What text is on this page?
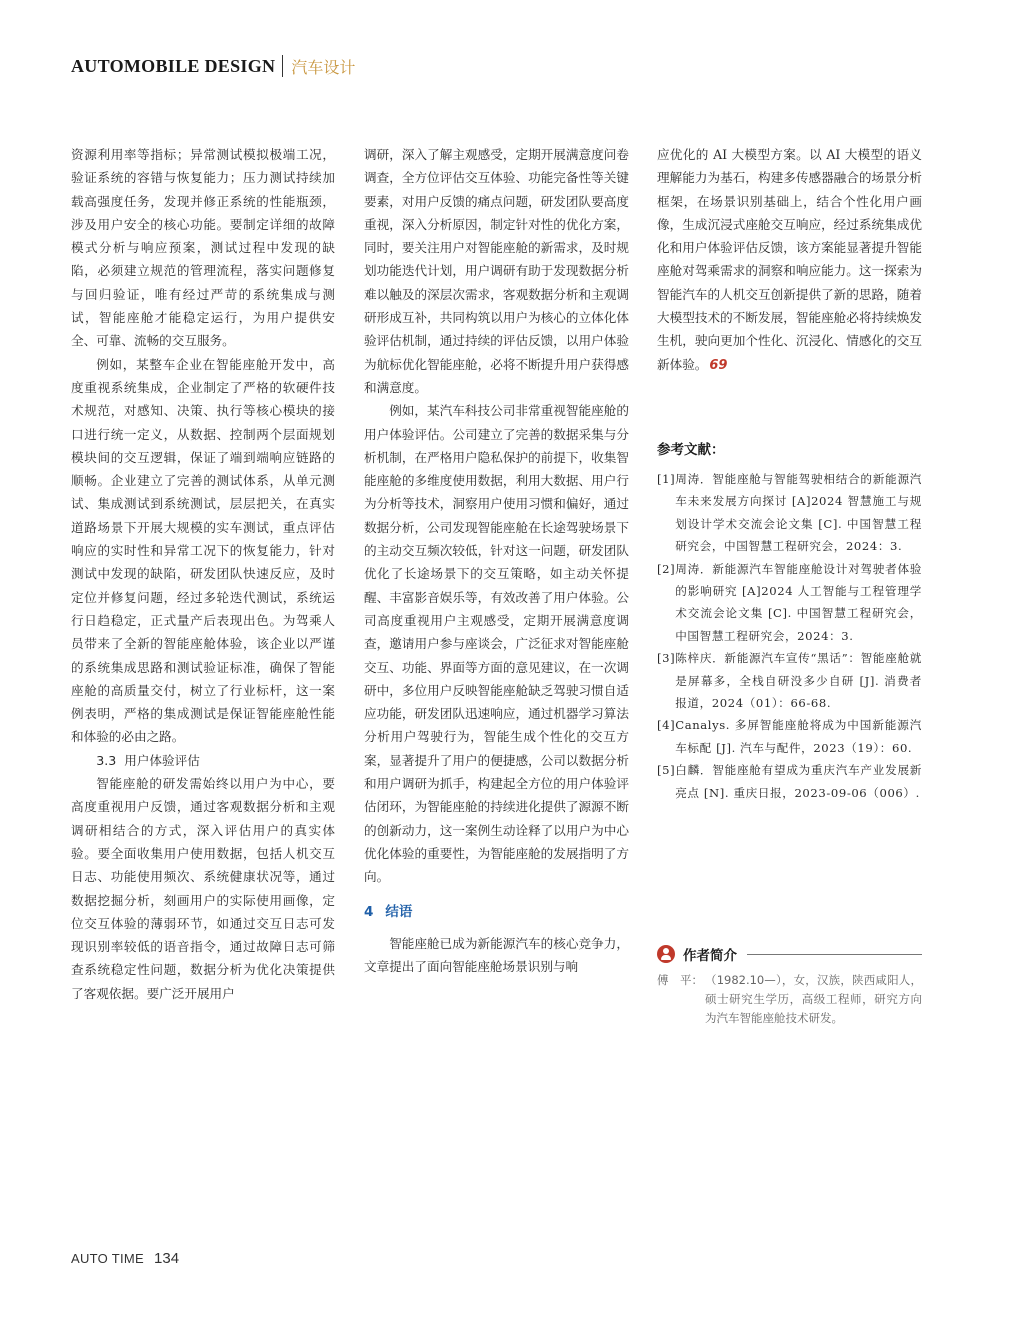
AUTOMOBILE DESIGN 汽车设计

资源利用率等指标；异常测试模拟极端工况，验证系统的容错与恢复能力；压力测试持续加载高强度任务，发现并修正系统的性能瓶颈，涉及用户安全的核心功能。要制定详细的故障模式分析与响应预案，测试过程中发现的缺陷，必须建立规范的管理流程，落实问题修复与回归验证，唯有经过严苛的系统集成与测试，智能座舱才能稳定运行，为用户提供安全、可靠、流畅的交互服务。

例如，某整车企业在智能座舱开发中，高度重视系统集成，企业制定了严格的软硬件技术规范，对感知、决策、执行等核心模块的接口进行统一定义，从数据、控制两个层面规划模块间的交互逻辑，保证了端到端响应链路的顺畅。企业建立了完善的测试体系，从单元测试、集成测试到系统测试，层层把关，在真实道路场景下开展大规模的实车测试，重点评估响应的实时性和异常工况下的恢复能力，针对测试中发现的缺陷，研发团队快速反应，及时定位并修复问题，经过多轮迭代测试，系统运行日趋稳定，正式量产后表现出色。为驾乘人员带来了全新的智能座舱体验，该企业以严谨的系统集成思路和测试验证标准，确保了智能座舱的高质量交付，树立了行业标杆，这一案例表明，严格的集成测试是保证智能座舱性能和体验的必由之路。

3.3 用户体验评估

智能座舱的研发需始终以用户为中心，要高度重视用户反馈，通过客观数据分析和主观调研相结合的方式，深入评估用户的真实体验。要全面收集用户使用数据，包括人机交互日志、功能使用频次、系统健康状况等，通过数据挖掘分析，刻画用户的实际使用画像，定位交互体验的薄弱环节，如通过交互日志可发现识别率较低的语音指令，通过故障日志可筛查系统稳定性问题，数据分析为优化决策提供了客观依据。要广泛开展用户

调研，深入了解主观感受，定期开展满意度问卷调查，全方位评估交互体验、功能完备性等关键要素，对用户反馈的痛点问题，研发团队要高度重视，深入分析原因，制定针对性的优化方案，同时，要关注用户对智能座舱的新需求，及时规划功能迭代计划，用户调研有助于发现数据分析难以触及的深层次需求，客观数据分析和主观调研形成互补，共同构筑以用户为核心的立体化体验评估机制，通过持续的评估反馈，以用户体验为航标优化智能座舱，必将不断提升用户获得感和满意度。

例如，某汽车科技公司非常重视智能座舱的用户体验评估。公司建立了完善的数据采集与分析机制，在严格用户隐私保护的前提下，收集智能座舱的多维度使用数据，利用大数据、用户行为分析等技术，洞察用户使用习惯和偏好，通过数据分析，公司发现智能座舱在长途驾驶场景下的主动交互频次较低，针对这一问题，研发团队优化了长途场景下的交互策略，如主动关怀提醒、丰富影音娱乐等，有效改善了用户体验。公司高度重视用户主观感受，定期开展满意度调查，邀请用户参与座谈会，广泛征求对智能座舱交互、功能、界面等方面的意见建议，在一次调研中，多位用户反映智能座舱缺乏驾驶习惯自适应功能，研发团队迅速响应，通过机器学习算法分析用户驾驶行为，智能生成个性化的交互方案，显著提升了用户的便捷感，公司以数据分析和用户调研为抓手，构建起全方位的用户体验评估闭环，为智能座舱的持续进化提供了源源不断的创新动力，这一案例生动诠释了以用户为中心优化体验的重要性，为智能座舱的发展指明了方向。

4 结语

智能座舱已成为新能源汽车的核心竞争力，文章提出了面向智能座舱场景识别与响

应优化的 AI 大模型方案。以 AI 大模型的语义理解能力为基石，构建多传感器融合的场景分析框架，在场景识别基础上，结合个性化用户画像，生成沉浸式座舱交互响应，经过系统集成优化和用户体验评估反馈，该方案能显著提升智能座舱对驾乘需求的洞察和响应能力。这一探索为智能汽车的人机交互创新提供了新的思路，随着大模型技术的不断发展，智能座舱必将持续焕发生机，驶向更加个性化、沉浸化、情感化的交互新体验。 69

参考文献：
[1] 周涛．智能座舱与智能驾驶相结合的新能源汽车未来发展方向探讨 [A]2024 智慧施工与规划设计学术交流会论文集 [C]. 中国智慧工程研究会，中国智慧工程研究会，2024：3.
[2] 周涛．新能源汽车智能座舱设计对驾驶者体验的影响研究 [A]2024 人工智能与工程管理学术交流会论文集 [C]. 中国智慧工程研究会，中国智慧工程研究会，2024：3.
[3] 陈梓庆．新能源汽车宣传“黑话”：智能座舱就是屏幕多，全栈自研没多少自研 [J]. 消费者报道，2024（01）：66-68.
[4] Canalys. 多屏智能座舱将成为中国新能源汽车标配 [J]. 汽车与配件，2023（19）：60.
[5] 白麟．智能座舱有望成为重庆汽车产业发展新亮点 [N]. 重庆日报，2023-09-06（006）.
作者简介
傅　平： （1982.10—），女，汉族，陕西咸阳人，硕士研究生学历，高级工程师，研究方向为汽车智能座舱技术研发。
AUTO TIME 134
